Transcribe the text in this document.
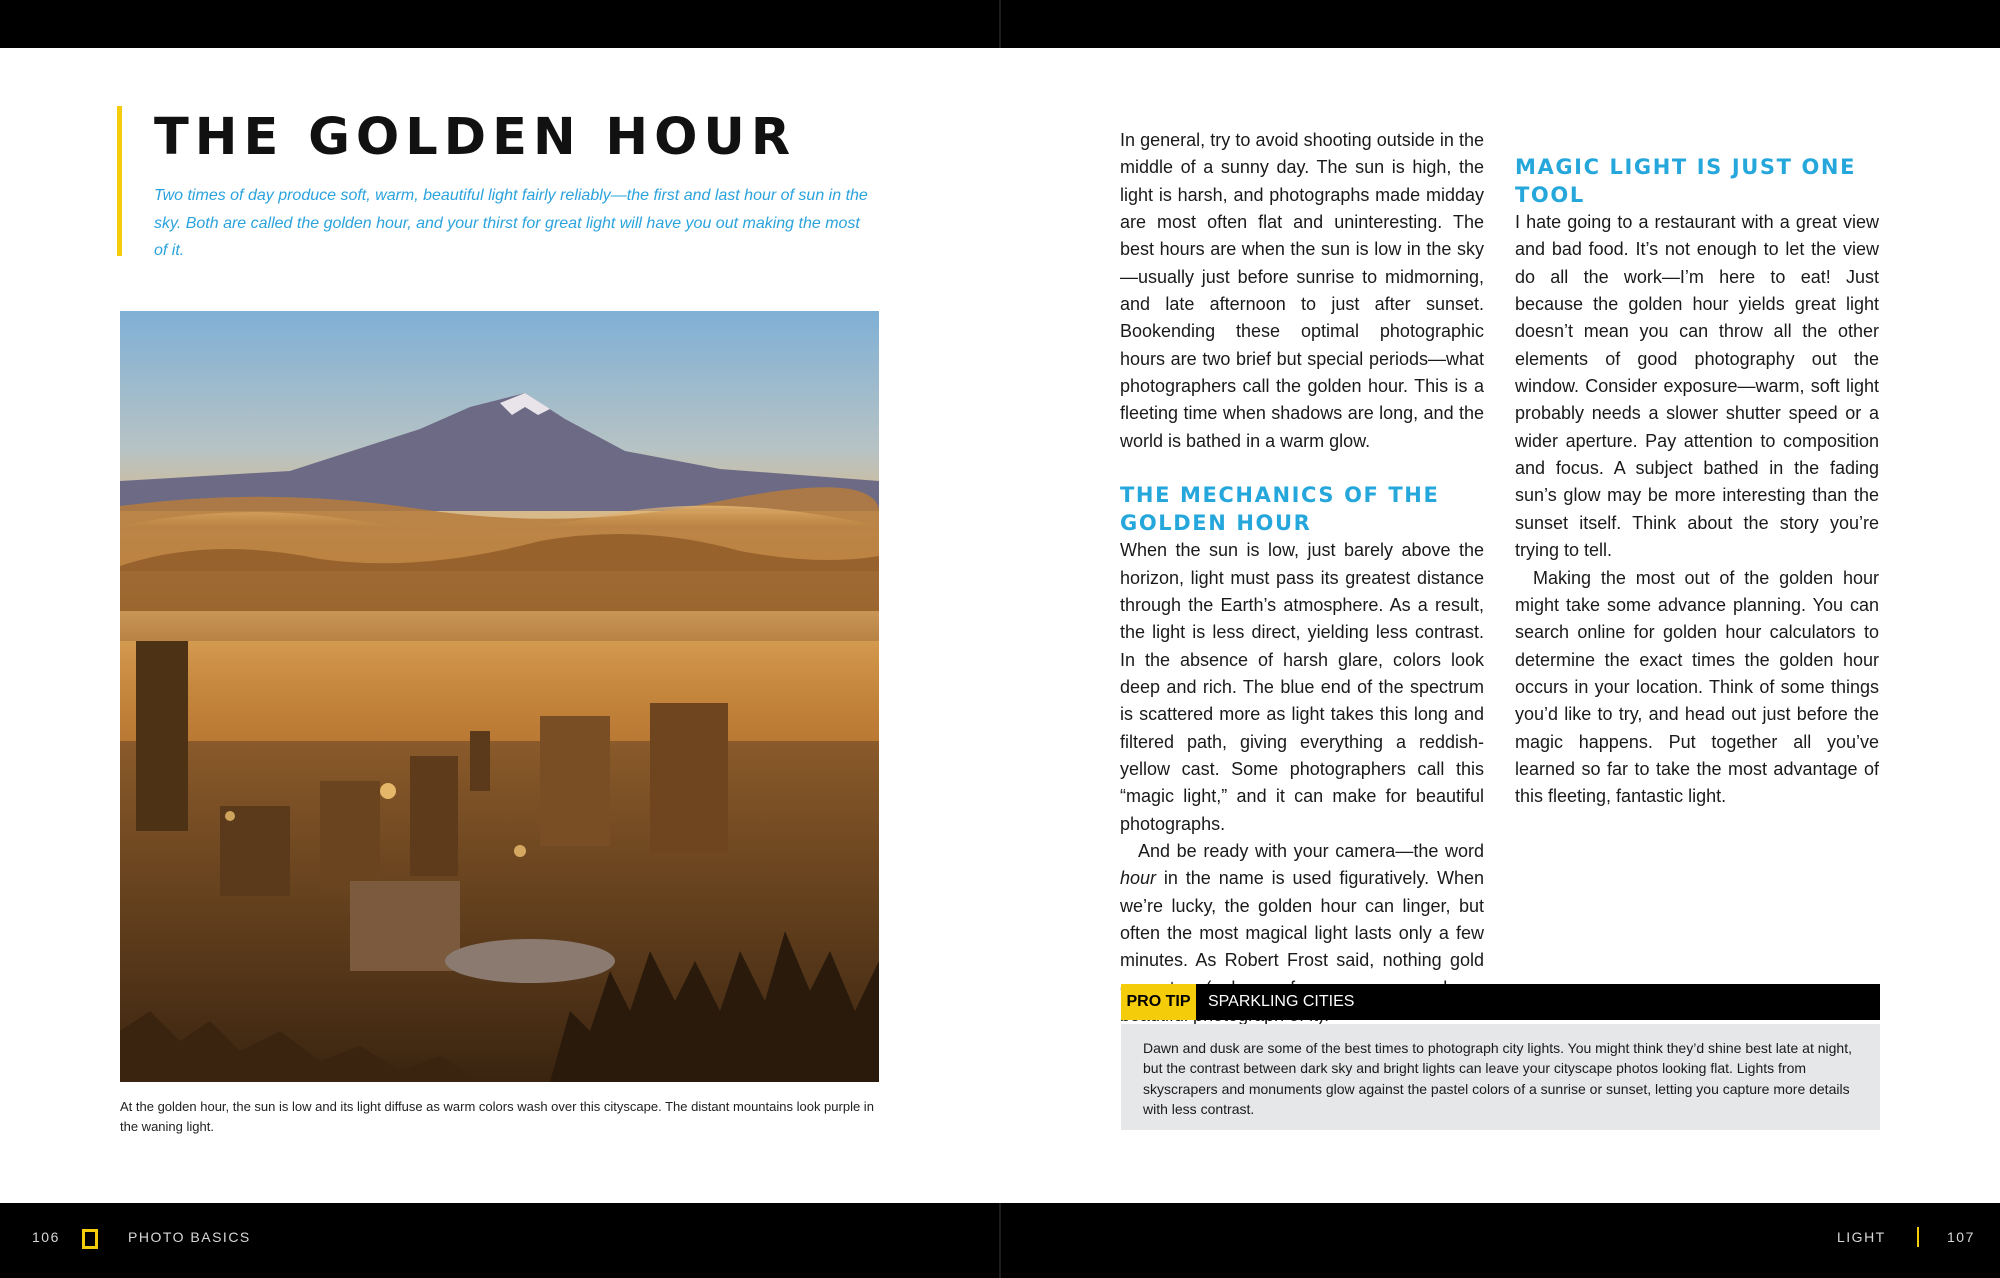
THE GOLDEN HOUR

Two times of day produce soft, warm, beautiful light fairly reliably—the first and last hour of sun in the sky. Both are called the golden hour, and your thirst for great light will have you out making the most of it.

At the golden hour, the sun is low and its light diffuse as warm colors wash over this cityscape. The distant mountains look purple in the waning light.

In general, try to avoid shooting outside in the middle of a sunny day. The sun is high, the light is harsh, and photographs made midday are most often flat and uninteresting. The best hours are when the sun is low in the sky—usually just before sunrise to midmorning, and late afternoon to just after sunset. Bookending these optimal photographic hours are two brief but special periods—what photographers call the golden hour. This is a fleeting time when shadows are long, and the world is bathed in a warm glow.

THE MECHANICS OF THE GOLDEN HOUR

When the sun is low, just barely above the horizon, light must pass its greatest distance through the Earth’s atmosphere. As a result, the light is less direct, yielding less contrast. In the absence of harsh glare, colors look deep and rich. The blue end of the spectrum is scattered more as light takes this long and filtered path, giving everything a reddish-yellow cast. Some photographers call this “magic light,” and it can make for beautiful photographs.

And be ready with your camera—the word hour in the name is used figuratively. When we’re lucky, the golden hour can linger, but often the most magical light lasts only a few minutes. As Robert Frost said, nothing gold

MAGIC LIGHT IS JUST ONE TOOL

I hate going to a restaurant with a great view and bad food. It’s not enough to let the view do all the work—I’m here to eat! Just because the golden hour yields great light doesn’t mean you can throw all the other elements of good photography out the window. Consider exposure—warm, soft light probably needs a slower shutter speed or a wider aperture. Pay attention to composition and focus. A subject bathed in the fading sun’s glow may be more interesting than the sunset itself. Think about the story you’re trying to tell.

Making the most out of the golden hour might take some advance planning. You can search online for golden hour calculators to determine the exact times the golden hour occurs in your location. Think of some things you’d like to try, and head out just before the magic happens. Put together all you’ve learned so far to take the most advantage of this fleeting, fantastic light.

PRO TIP	SPARKLING CITIES

Dawn and dusk are some of the best times to photograph city lights. You might think they’d shine best late at night, but the contrast between dark sky and bright lights can leave your cityscape photos looking flat. Lights from skyscrapers and monuments glow against the pastel colors of a sunrise or sunset, letting you capture more details with less contrast.

106	PHOTO BASICS	LIGHT	107
